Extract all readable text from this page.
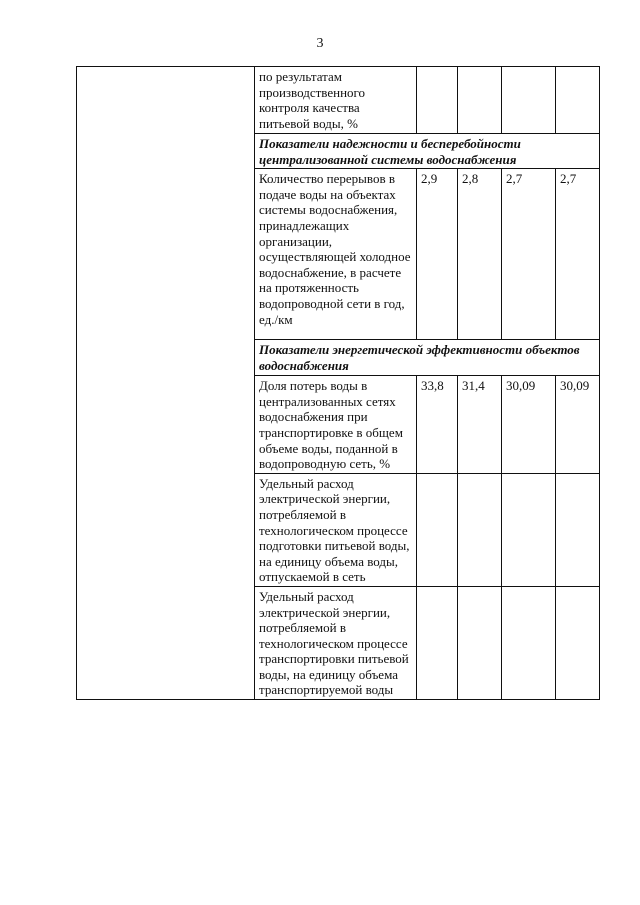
3
	по результатам производственного контроля качества питьевой воды, %				
	Показатели надежности и бесперебойности централизованной системы водоснабжения				
	Количество перерывов в подаче воды на объектах системы водоснабжения, принадлежащих организации, осуществляющей холодное водоснабжение, в расчете на протяженность водопроводной сети в год, ед./км	2,9	2,8	2,7	2,7
	Показатели энергетической эффективности объектов водоснабжения				
	Доля потерь воды в централизованных сетях водоснабжения при транспортировке в общем объеме воды, поданной в водопроводную сеть, %	33,8	31,4	30,09	30,09
	Удельный расход электрической энергии, потребляемой в технологическом процессе подготовки питьевой воды, на единицу объема воды, отпускаемой в сеть				
	Удельный расход электрической энергии, потребляемой в технологическом процессе транспортировки питьевой воды, на единицу объема транспортируемой воды				
